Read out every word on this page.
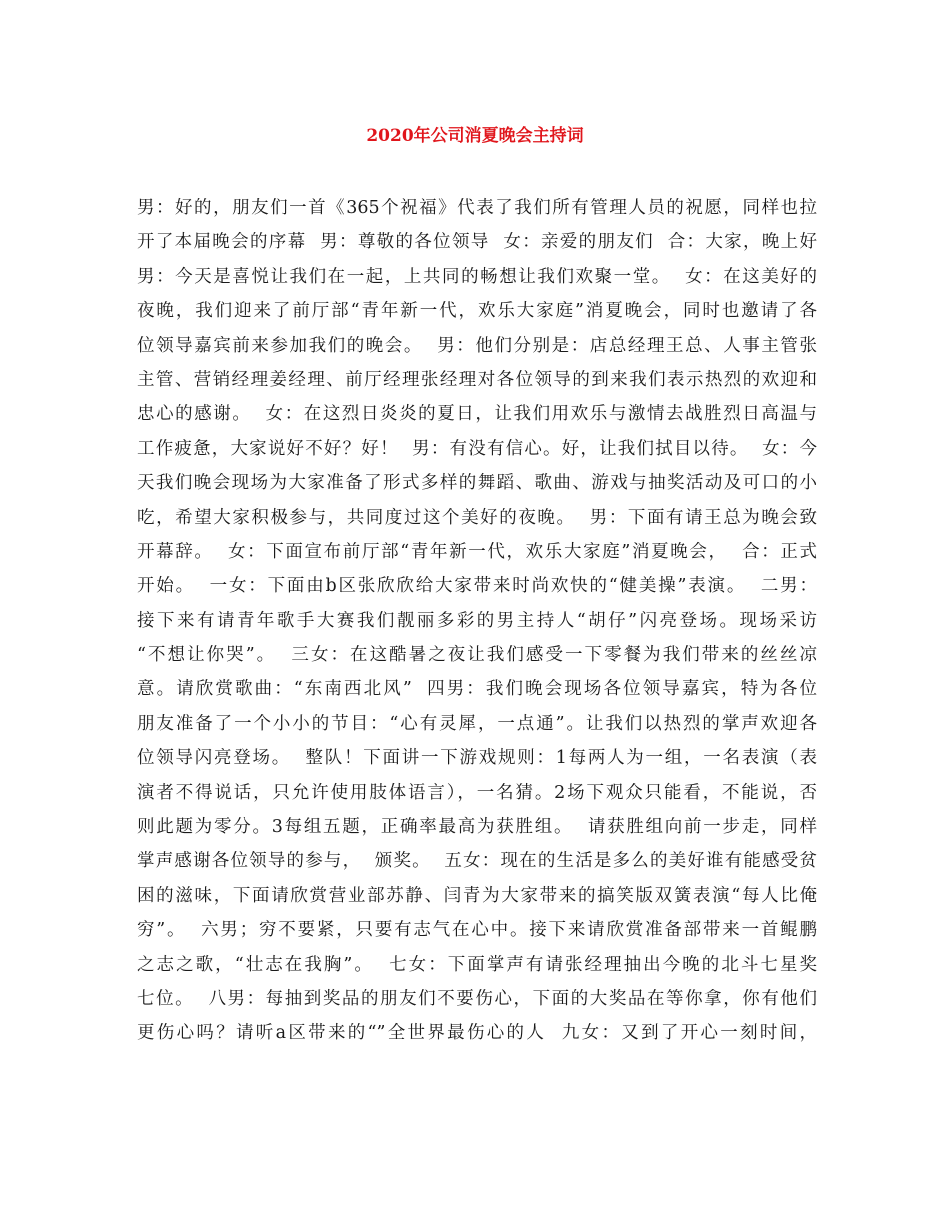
2020年公司消夏晚会主持词
男：好的，朋友们一首《365个祝福》代表了我们所有管理人员的祝愿，同样也拉
开了本届晚会的序幕  男：尊敬的各位领导  女：亲爱的朋友们  合：大家，晚上好
男：今天是喜悦让我们在一起，上共同的畅想让我们欢聚一堂。  女：在这美好的
夜晚，我们迎来了前厅部“青年新一代，欢乐大家庭”消夏晚会，同时也邀请了各
位领导嘉宾前来参加我们的晚会。  男：他们分别是：店总经理王总、人事主管张
主管、营销经理姜经理、前厅经理张经理对各位领导的到来我们表示热烈的欢迎和
忠心的感谢。  女：在这烈日炎炎的夏日，让我们用欢乐与激情去战胜烈日高温与
工作疲惫，大家说好不好？好！  男：有没有信心。好，让我们拭目以待。  女：今
天我们晚会现场为大家准备了形式多样的舞蹈、歌曲、游戏与抽奖活动及可口的小
吃，希望大家积极参与，共同度过这个美好的夜晚。  男：下面有请王总为晚会致
开幕辞。  女：下面宣布前厅部“青年新一代，欢乐大家庭”消夏晚会，  合：正式
开始。  一女：下面由b区张欣欣给大家带来时尚欢快的“健美操”表演。  二男：
接下来有请青年歌手大赛我们靓丽多彩的男主持人“胡仔”闪亮登场。现场采访
“不想让你哭”。  三女：在这酷暑之夜让我们感受一下零餐为我们带来的丝丝凉
意。请欣赏歌曲：“东南西北风”  四男：我们晚会现场各位领导嘉宾，特为各位
朋友准备了一个小小的节目：“心有灵犀，一点通”。让我们以热烈的掌声欢迎各
位领导闪亮登场。  整队！下面讲一下游戏规则：1每两人为一组，一名表演（表
演者不得说话，只允许使用肢体语言），一名猜。2场下观众只能看，不能说，否
则此题为零分。3每组五题，正确率最高为获胜组。  请获胜组向前一步走，同样
掌声感谢各位领导的参与，  颁奖。  五女：现在的生活是多么的美好谁有能感受贫
困的滋味，下面请欣赏营业部苏静、闫青为大家带来的搞笑版双簧表演“每人比俺
穷”。  六男；穷不要紧，只要有志气在心中。接下来请欣赏准备部带来一首鲲鹏
之志之歌，“壮志在我胸”。  七女：下面掌声有请张经理抽出今晚的北斗七星奖
七位。  八男：每抽到奖品的朋友们不要伤心，下面的大奖品在等你拿，你有他们
更伤心吗？请听a区带来的“”全世界最伤心的人  九女：又到了开心一刻时间，
